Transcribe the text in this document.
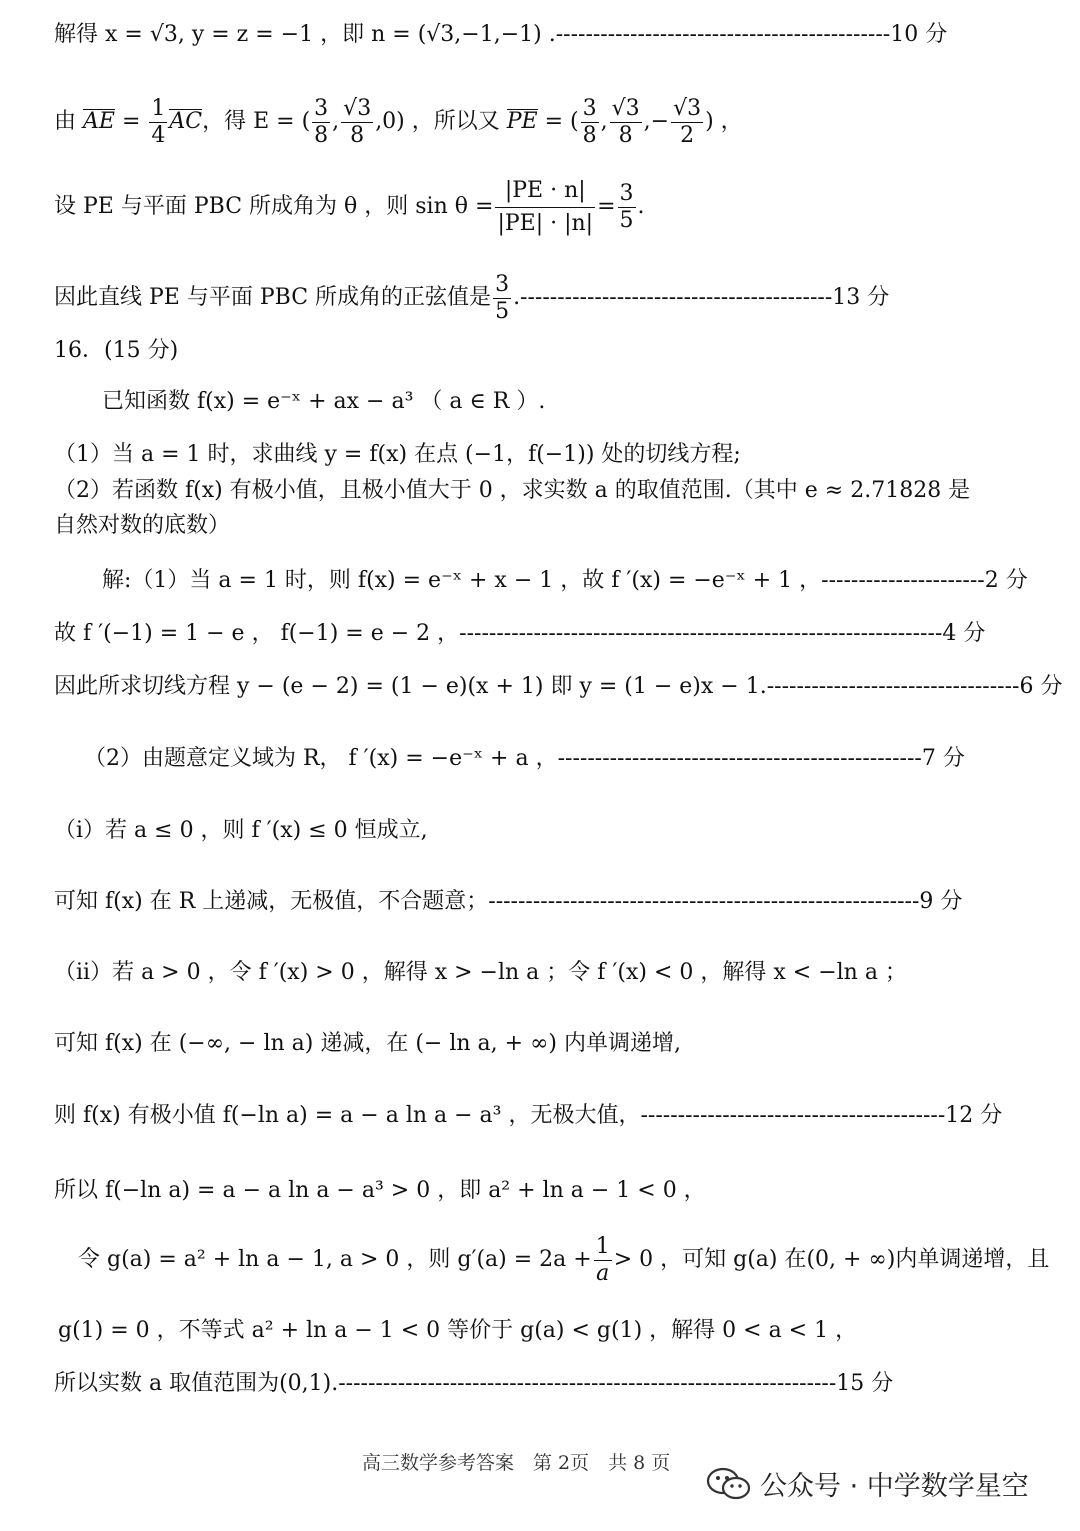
解得 x = √3, y = z = −1 ，即 n = (√3,−1,−1) .---------------------------------------------10 分
由 AE = $\frac{1}{4}$ AC，得 E = ( $\frac{3}{8}$ , $\frac{√3}{8} ,0$) ，所以又 PE = ( $\frac{3}{8}$ , $\frac{√3}{8}$ ,− $\frac{√3}{2}$ ) ，
设 PE 与平面 PBC 所成角为 θ ，则 $\sin \theta = \frac{|PE \cdot n|}{|PE| \cdot |n|} = \frac{3}{5}$ .
因此直线 PE 与平面 PBC 所成角的正弦值是 $\frac{3}{5} .------------------------------------------13$ 分
16．(15 分)
已知函数 f(x) = e⁻ˣ + ax − a³ （ a ∈ R ）.
（1）当 a = 1 时，求曲线 y = f(x) 在点 (−1，f(−1)) 处的切线方程;
（2）若函数 f(x) 有极小值，且极小值大于 0 ，求实数 a 的取值范围.（其中 e ≈ 2.71828 是
自然对数的底数）
解:（1）当 a = 1 时，则 f(x) = e⁻ˣ + x − 1 ，故 f ′(x) = −e⁻ˣ + 1 ，----------------------2 分
故 f ′(−1) = 1 − e ， f(−1) = e − 2 ，-----------------------------------------------------------------4 分
因此所求切线方程 y − (e − 2) = (1 − e)(x + 1) 即 y = (1 − e)x − 1.----------------------------------6 分
（2）由题意定义域为 R， f ′(x) = −e⁻ˣ + a ，-------------------------------------------------7 分
（i）若 a ≤ 0 ，则 f ′(x) ≤ 0 恒成立,
可知 f(x) 在 R 上递减，无极值，不合题意；----------------------------------------------------------9 分
（ii）若 a > 0 ，令 f ′(x) > 0 ，解得 x > −ln a ；令 f ′(x) < 0 ，解得 x < −ln a ；
可知 f(x) 在 (−∞, − ln a) 递减，在 (− ln a, + ∞) 内单调递增,
则 f(x) 有极小值 f(−ln a) = a − a ln a − a³ ，无极大值，-----------------------------------------12 分
所以 f(−ln a) = a − a ln a − a³ > 0 ，即 a² + ln a − 1 < 0 ，
令 g(a) = a² + ln a − 1, a > 0 ，则 $g'(a) = 2a + \frac{1}{a} > 0$ ，可知 g(a) 在(0, + ∞)内单调递增，且
g(1) = 0 ，不等式 a² + ln a − 1 < 0 等价于 g(a) < g(1) ，解得 0 < a < 1 ，
所以实数 a 取值范围为(0,1).-------------------------------------------------------------------15 分
高三数学参考答案　第 2页　共 8 页
公众号 · 中学数学星空
